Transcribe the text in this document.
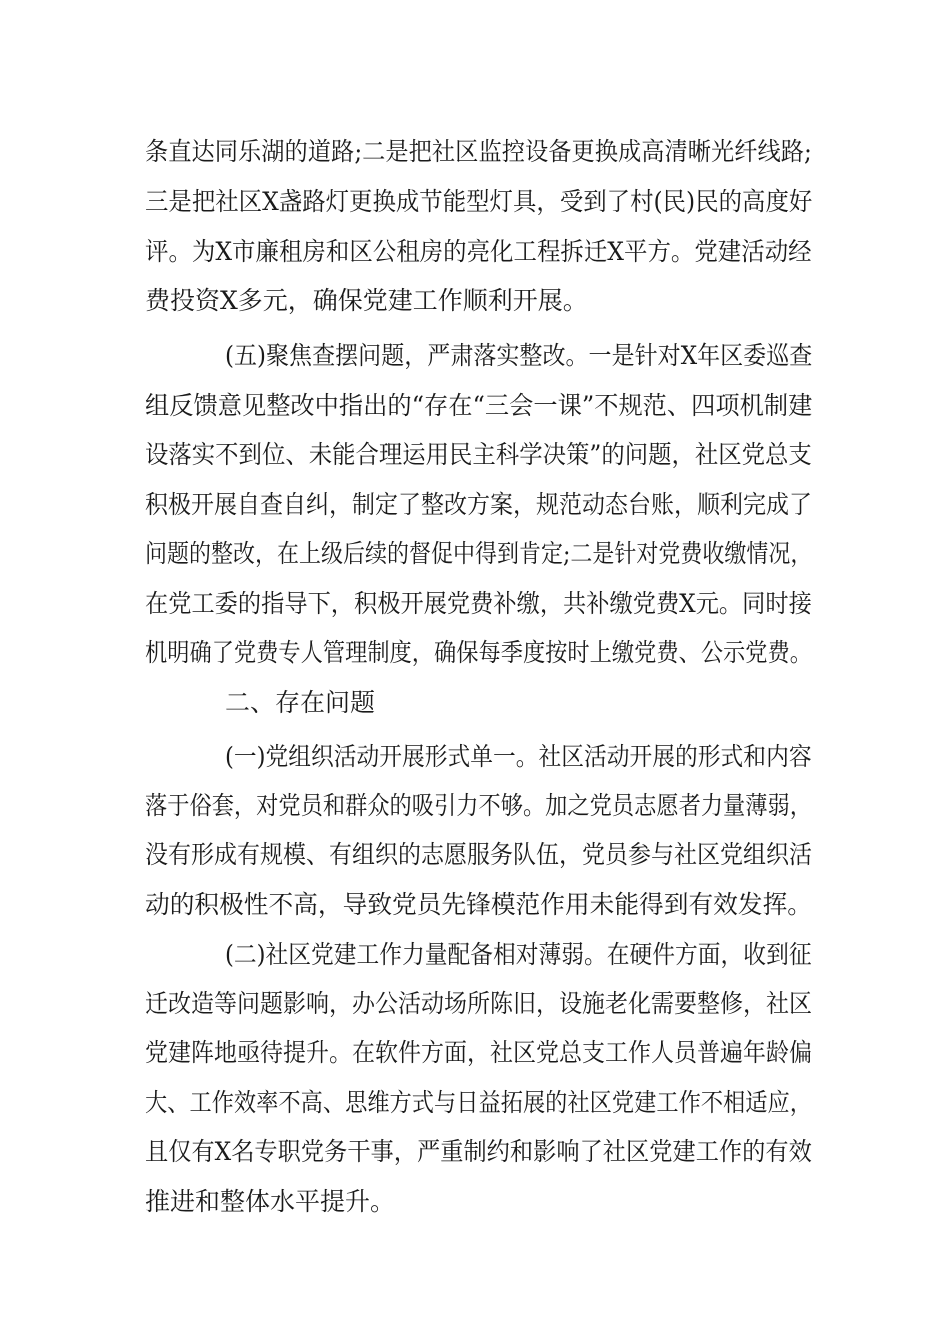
条直达同乐湖的道路;二是把社区监控设备更换成高清晰光纤线路;

三是把社区X盏路灯更换成节能型灯具，受到了村(民)民的高度好

评。为X市廉租房和区公租房的亮化工程拆迁X平方。党建活动经

费投资X多元，确保党建工作顺利开展。

(五)聚焦查摆问题，严肃落实整改。一是针对X年区委巡查

组反馈意见整改中指出的“存在“三会一课”不规范、四项机制建

设落实不到位、未能合理运用民主科学决策”的问题，社区党总支

积极开展自查自纠，制定了整改方案，规范动态台账，顺利完成了

问题的整改，在上级后续的督促中得到肯定;二是针对党费收缴情况，

在党工委的指导下，积极开展党费补缴，共补缴党费X元。同时接

机明确了党费专人管理制度，确保每季度按时上缴党费、公示党费。

二、存在问题

(一)党组织活动开展形式单一。社区活动开展的形式和内容

落于俗套，对党员和群众的吸引力不够。加之党员志愿者力量薄弱，

没有形成有规模、有组织的志愿服务队伍，党员参与社区党组织活

动的积极性不高，导致党员先锋模范作用未能得到有效发挥。

(二)社区党建工作力量配备相对薄弱。在硬件方面，收到征

迁改造等问题影响，办公活动场所陈旧，设施老化需要整修，社区

党建阵地亟待提升。在软件方面，社区党总支工作人员普遍年龄偏

大、工作效率不高、思维方式与日益拓展的社区党建工作不相适应，

且仅有X名专职党务干事，严重制约和影响了社区党建工作的有效

推进和整体水平提升。
